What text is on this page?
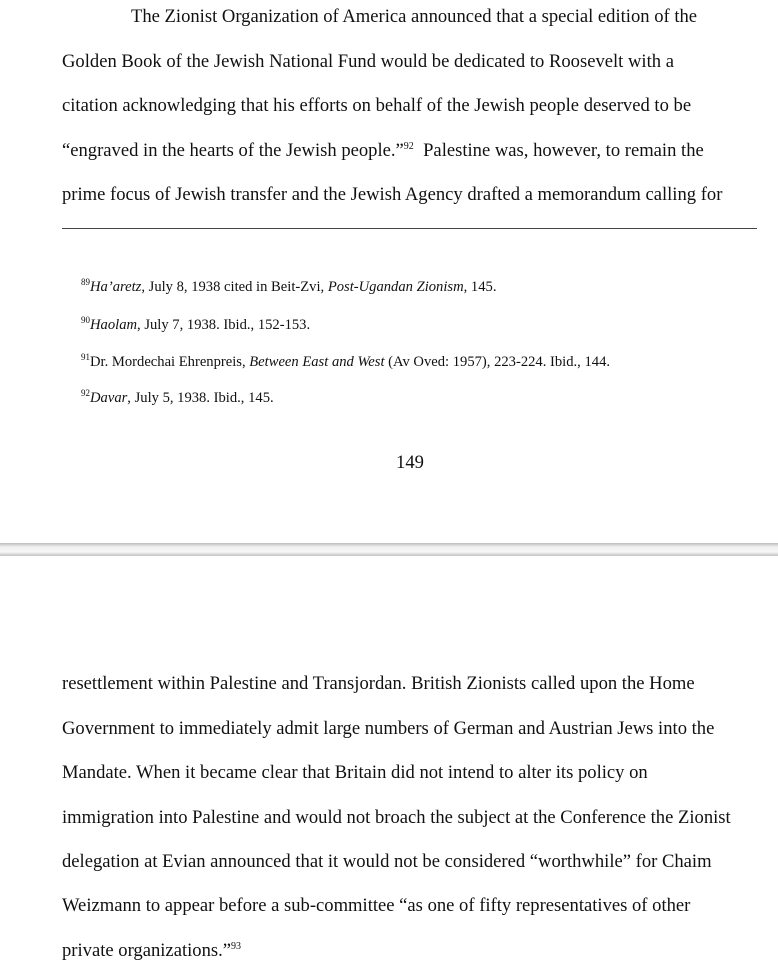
The Zionist Organization of America announced that a special edition of the
Golden Book of the Jewish National Fund would be dedicated to Roosevelt with a
citation acknowledging that his efforts on behalf of the Jewish people deserved to be
“engraved in the hearts of the Jewish people.”$^{92}$ Palestine was, however, to remain the
prime focus of Jewish transfer and the Jewish Agency drafted a memorandum calling for
$^{89}$Ha’aretz, July 8, 1938 cited in Beit-Zvi, Post-Ugandan Zionism, 145.
$^{90}$Haolam, July 7, 1938. Ibid., 152-153.
$^{91}$Dr. Mordechai Ehrenpreis, Between East and West (Av Oved: 1957), 223-224. Ibid., 144.
$^{92}$Davar, July 5, 1938. Ibid., 145.
149
resettlement within Palestine and Transjordan. British Zionists called upon the Home
Government to immediately admit large numbers of German and Austrian Jews into the
Mandate. When it became clear that Britain did not intend to alter its policy on
immigration into Palestine and would not broach the subject at the Conference the Zionist
delegation at Evian announced that it would not be considered “worthwhile” for Chaim
Weizmann to appear before a sub-committee “as one of fifty representatives of other
private organizations.”$^{93}$
